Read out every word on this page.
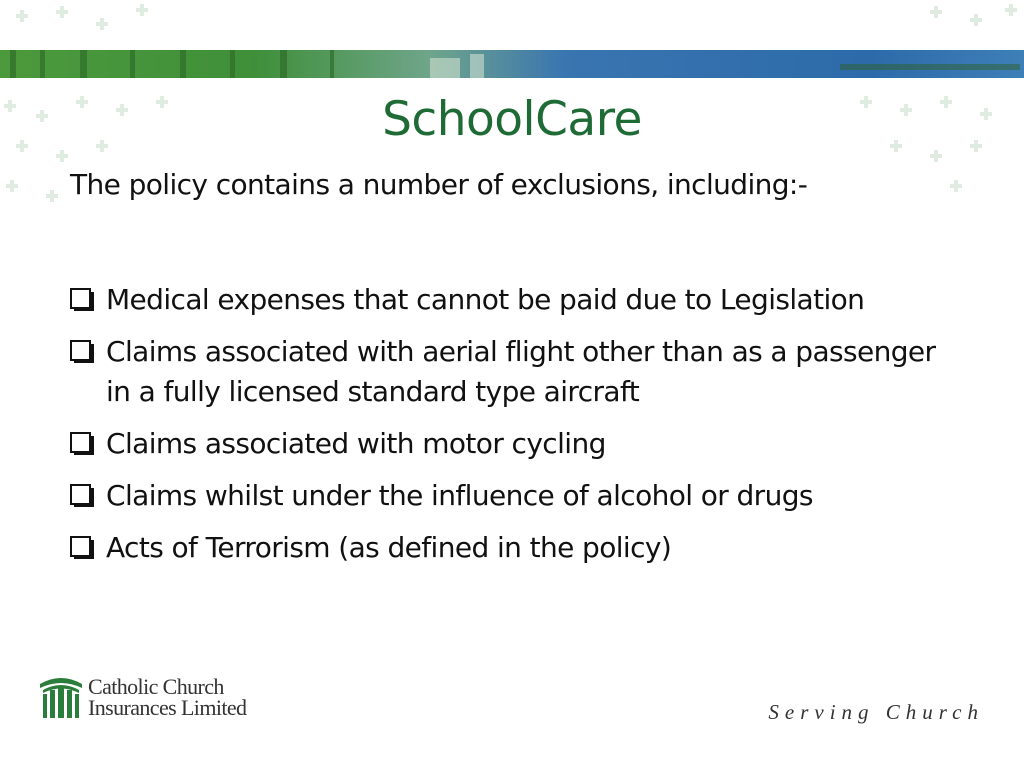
SchoolCare
The policy contains a number of exclusions, including:-
Medical expenses that cannot be paid due to Legislation
Claims associated with aerial flight other than as a passenger in a fully licensed standard type aircraft
Claims associated with motor cycling
Claims whilst under the influence of alcohol or drugs
Acts of Terrorism (as defined in the policy)
Catholic Church
Insurances Limited	Serving Church
